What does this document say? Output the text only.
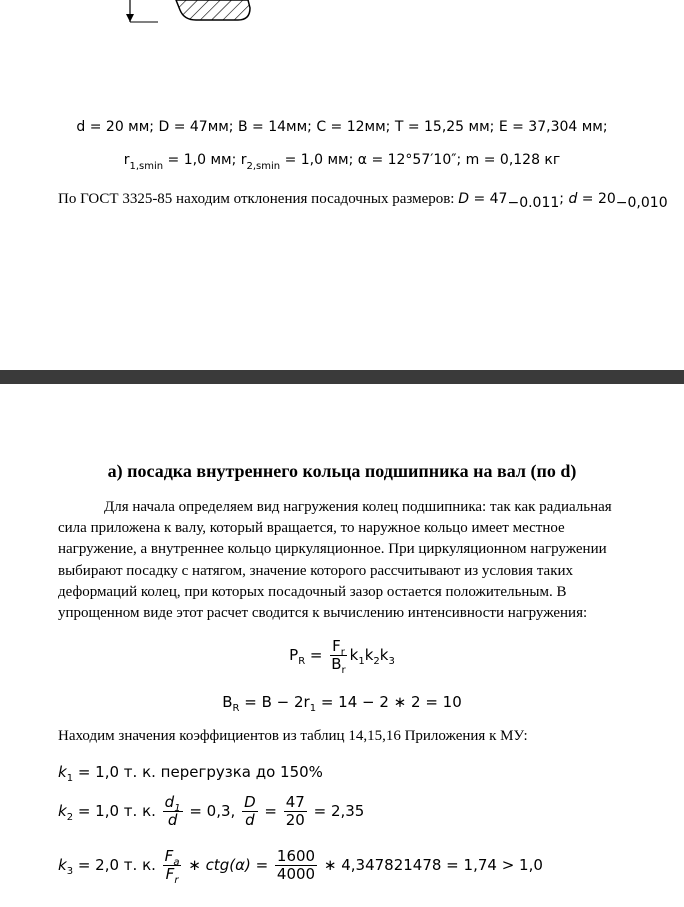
d = 20 мм; D = 47мм; B = 14мм; C = 12мм; T = 15,25 мм; E = 37,304 мм;
$r_{1,smin} = 1,0$ мм; $r_{2,smin} = 1,0$ мм; α = 12°57′10″; m = 0,128 кг
По ГОСТ 3325-85 находим отклонения посадочных размеров: $D = 47_{-0.011}$; $d = 20_{-0,010}$
а) посадка внутреннего кольца подшипника на вал (по d)
Для начала определяем вид нагружения колец подшипника: так как радиальная
сила приложена к валу, который вращается, то наружное кольцо имеет местное
нагружение, а внутреннее кольцо циркуляционное. При циркуляционном нагружении
выбирают посадку с натягом, значение которого рассчитывают из условия таких
деформаций колец, при которых посадочный зазор остается положительным. В
упрощенном виде этот расчет сводится к вычислению интенсивности нагружения:
$P_R = \frac{F_r}{B_r} k_1k_2k_3$
$B_R = B - 2r_1 = 14 - 2$ ∗ 2 = 10
Находим значения коэффициентов из таблиц 14,15,16 Приложения к МУ:
$k_1 = 1,0$ т. к. перегрузка до 150%
$k_2 = 1,0$ т. к. $\frac{d_1}{d} = 0,3$, $\frac{D}{d} = \frac{47}{20} = 2,35$
$k_3 = 2,0$ т. к. $\frac{F_a}{F_r}$ ∗ $ctg(\alpha) = \frac{1600}{4000}$ ∗ 4,347821478 = 1,74 > 1,0
